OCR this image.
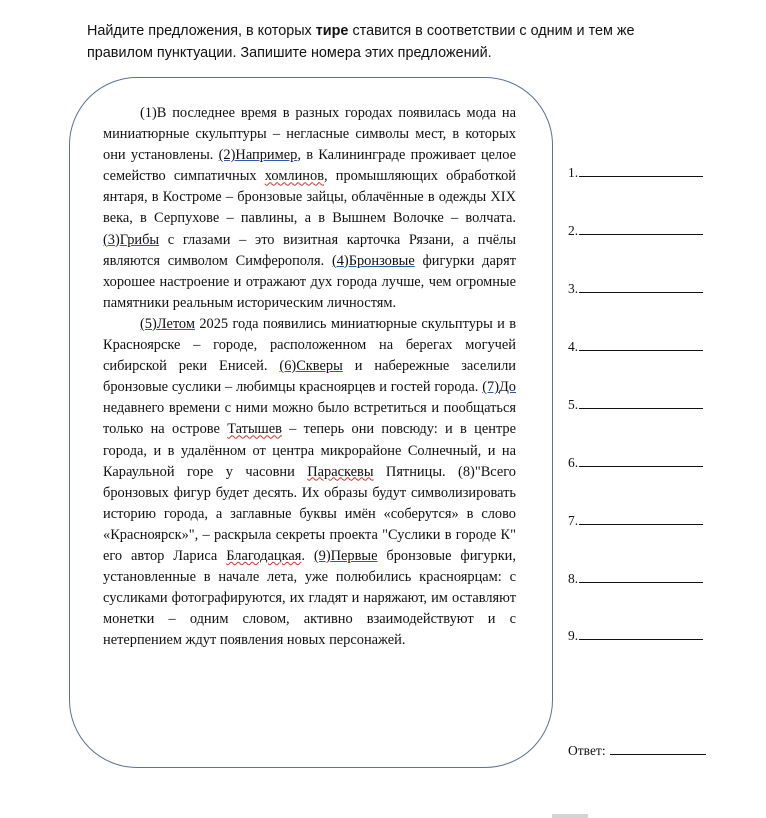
Найдите предложения, в которых тире ставится в соответствии с одним и тем же правилом пунктуации. Запишите номера этих предложений.

(1)В последнее время в разных городах появилась мода на миниатюрные скульптуры – негласные символы мест, в которых они установлены. (2)Например, в Калининграде проживает целое семейство симпатичных хомлинов, промышляющих обработкой янтаря, в Костроме – бронзовые зайцы, облачённые в одежды XIX века, в Серпухове – павлины, а в Вышнем Волочке – волчата. (3)Грибы с глазами – это визитная карточка Рязани, а пчёлы являются символом Симферополя. (4)Бронзовые фигурки дарят хорошее настроение и отражают дух города лучше, чем огромные памятники реальным историческим личностям.

(5)Летом 2025 года появились миниатюрные скульптуры и в Красноярске – городе, расположенном на берегах могучей сибирской реки Енисей. (6)Скверы и набережные заселили бронзовые суслики – любимцы красноярцев и гостей города. (7)До недавнего времени с ними можно было встретиться и пообщаться только на острове Татышев – теперь они повсюду: и в центре города, и в удалённом от центра микрорайоне Солнечный, и на Караульной горе у часовни Параскевы Пятницы. (8)"Всего бронзовых фигур будет десять. Их образы будут символизировать историю города, а заглавные буквы имён «соберутся» в слово «Красноярск»", – раскрыла секреты проекта "Суслики в городе К" его автор Лариса Благодацкая. (9)Первые бронзовые фигурки, установленные в начале лета, уже полюбились красноярцам: с сусликами фотографируются, их гладят и наряжают, им оставляют монетки – одним словом, активно взаимодействуют и с нетерпением ждут появления новых персонажей.

1.
2.
3.
4.
5.
6.
7.
8.
9.
Ответ:
